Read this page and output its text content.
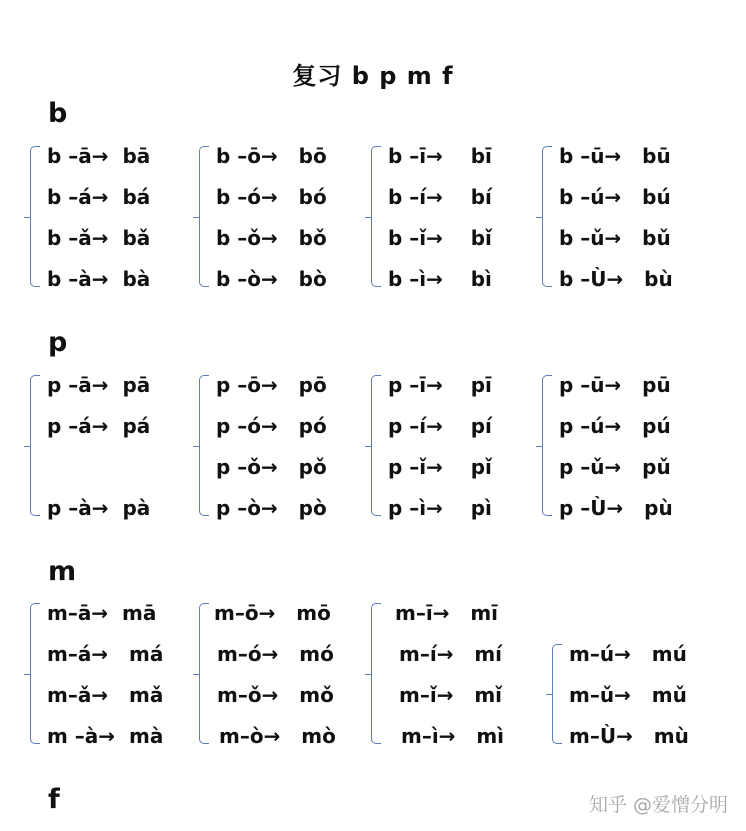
复习 b p m f
b
b –ā→  bā
b –á→  bá
b –ǎ→  bǎ
b –à→  bà
b –ō→   bō
b –ó→   bó
b –ǒ→   bǒ
b –ò→   bò
b –ī→    bī
b –í→    bí
b –ǐ→    bǐ
b –ì→    bì
b –ū→   bū
b –ú→   bú
b –ǔ→   bǔ
b –Ù→   bù
p
p –ā→  pā
p –á→  pá
p –à→  pà
p –ō→   pō
p –ó→   pó
p –ǒ→   pǒ
p –ò→   pò
p –ī→    pī
p –í→    pí
p –ǐ→    pǐ
p –ì→    pì
p –ū→   pū
p –ú→   pú
p –ǔ→   pǔ
p –Ù→   pù
m
m–ā→  mā
m–á→   má
m–ǎ→   mǎ
m –à→  mà
m–ō→   mō
m–ó→   mó
m–ǒ→   mǒ
m–ò→   mò
m–ī→   mī
m–í→   mí
m–ǐ→   mǐ
m–ì→   mì
m–ú→   mú
m–ǔ→   mǔ
m–Ù→   mù
f	知乎 @爱憎分明
